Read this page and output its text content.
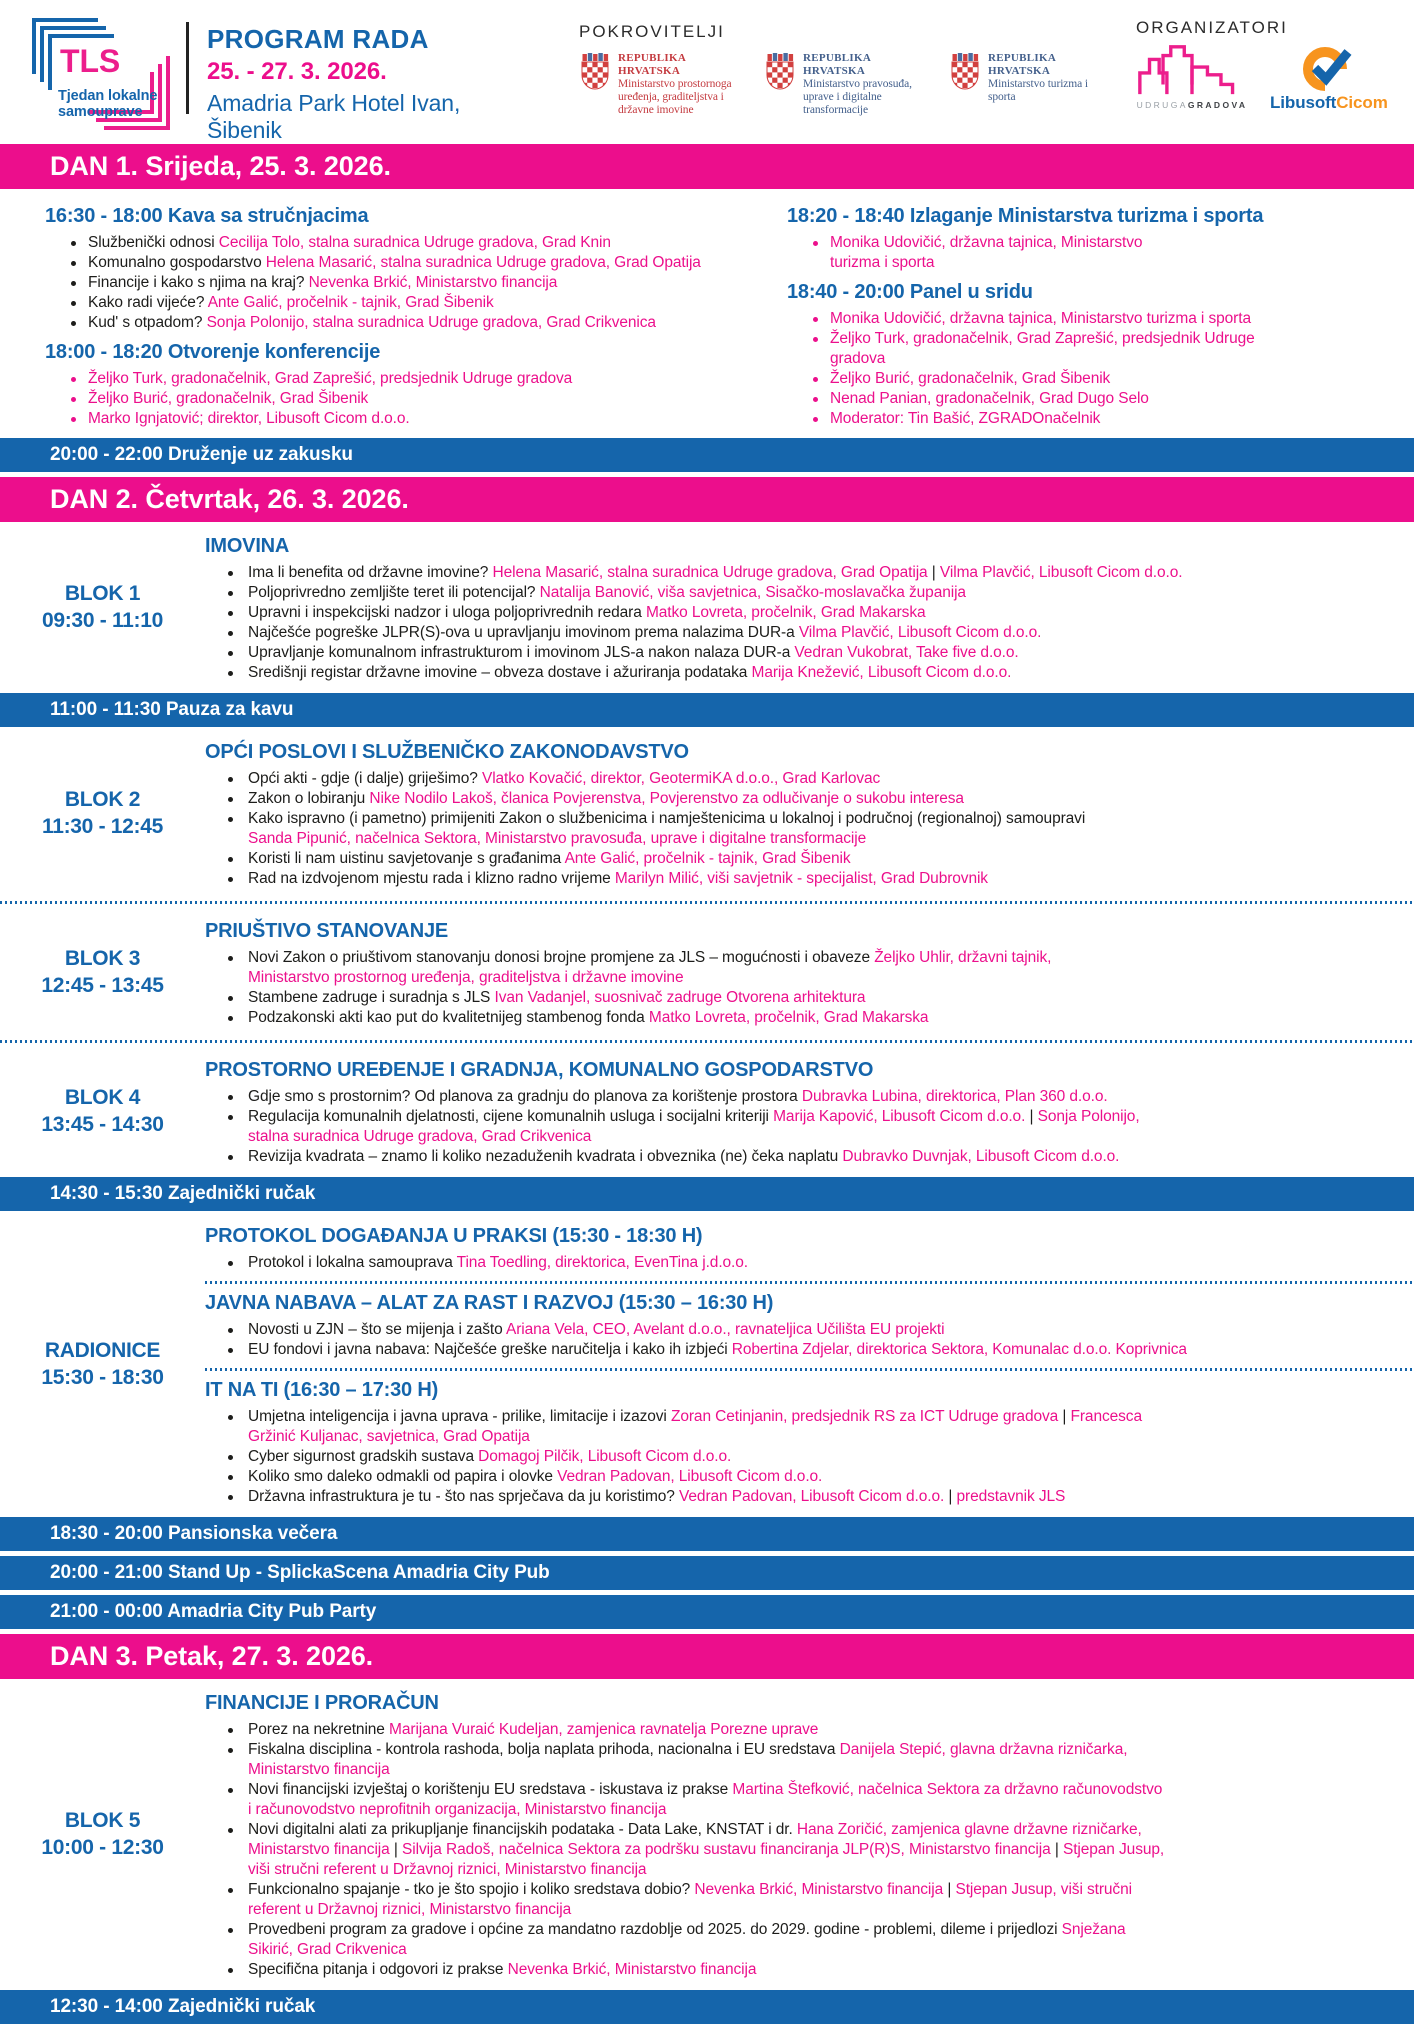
TLS
Tjedan lokalne
samouprave
PROGRAM RADA
25. - 27. 3. 2026.
Amadria Park Hotel Ivan, Šibenik
POKROVITELJI
REPUBLIKA HRVATSKA
Ministarstvo prostornoga uređenja, graditeljstva i državne imovine
REPUBLIKA HRVATSKA
Ministarstvo pravosuđa, uprave i digitalne transformacije
REPUBLIKA HRVATSKA
Ministarstvo turizma i sporta
ORGANIZATORI
UDRUGAGRADOVA LibusoftCicom
DAN 1. Srijeda, 25. 3. 2026.
16:30 - 18:00 Kava sa stručnjacima
Službenički odnosi Cecilija Tolo, stalna suradnica Udruge gradova, Grad Knin
Komunalno gospodarstvo Helena Masarić, stalna suradnica Udruge gradova, Grad Opatija
Financije i kako s njima na kraj? Nevenka Brkić, Ministarstvo financija
Kako radi vijeće? Ante Galić, pročelnik - tajnik, Grad Šibenik
Kud' s otpadom? Sonja Polonijo, stalna suradnica Udruge gradova, Grad Crikvenica
18:00 - 18:20 Otvorenje konferencije
Željko Turk, gradonačelnik, Grad Zaprešić, predsjednik Udruge gradova
Željko Burić, gradonačelnik, Grad Šibenik
Marko Ignjatović; direktor, Libusoft Cicom d.o.o.
18:20 - 18:40 Izlaganje Ministarstva turizma i sporta
Monika Udovičić, državna tajnica, Ministarstvo
turizma i sporta
18:40 - 20:00 Panel u sridu
Monika Udovičić, državna tajnica, Ministarstvo turizma i sporta
Željko Turk, gradonačelnik, Grad Zaprešić, predsjednik Udruge
gradova
Željko Burić, gradonačelnik, Grad Šibenik
Nenad Panian, gradonačelnik, Grad Dugo Selo
Moderator: Tin Bašić, ZGRADOnačelnik
20:00 - 22:00 Druženje uz zakusku
DAN 2. Četvrtak, 26. 3. 2026.
BLOK 1
09:30 - 11:10
IMOVINA
Ima li benefita od državne imovine? Helena Masarić, stalna suradnica Udruge gradova, Grad Opatija | Vilma Plavčić, Libusoft Cicom d.o.o.
Poljoprivredno zemljište teret ili potencijal? Natalija Banović, viša savjetnica, Sisačko-moslavačka županija
Upravni i inspekcijski nadzor i uloga poljoprivrednih redara Matko Lovreta, pročelnik, Grad Makarska
Najčešće pogreške JLPR(S)-ova u upravljanju imovinom prema nalazima DUR-a Vilma Plavčić, Libusoft Cicom d.o.o.
Upravljanje komunalnom infrastrukturom i imovinom JLS-a nakon nalaza DUR-a Vedran Vukobrat, Take five d.o.o.
Središnji registar državne imovine – obveza dostave i ažuriranja podataka Marija Knežević, Libusoft Cicom d.o.o.
11:00 - 11:30 Pauza za kavu
BLOK 2
11:30 - 12:45
OPĆI POSLOVI I SLUŽBENIČKO ZAKONODAVSTVO
Opći akti - gdje (i dalje) griješimo? Vlatko Kovačić, direktor, GeotermiKA d.o.o., Grad Karlovac
Zakon o lobiranju Nike Nodilo Lakoš, članica Povjerenstva, Povjerenstvo za odlučivanje o sukobu interesa
Kako ispravno (i pametno) primijeniti Zakon o službenicima i namještenicima u lokalnoj i područnoj (regionalnoj) samoupravi
Sanda Pipunić, načelnica Sektora, Ministarstvo pravosuđa, uprave i digitalne transformacije
Koristi li nam uistinu savjetovanje s građanima Ante Galić, pročelnik - tajnik, Grad Šibenik
Rad na izdvojenom mjestu rada i klizno radno vrijeme Marilyn Milić, viši savjetnik - specijalist, Grad Dubrovnik
BLOK 3
12:45 - 13:45
PRIUŠTIVO STANOVANJE
Novi Zakon o priuštivom stanovanju donosi brojne promjene za JLS – mogućnosti i obaveze Željko Uhlir, državni tajnik,
Ministarstvo prostornog uređenja, graditeljstva i državne imovine
Stambene zadruge i suradnja s JLS Ivan Vadanjel, suosnivač zadruge Otvorena arhitektura
Podzakonski akti kao put do kvalitetnijeg stambenog fonda Matko Lovreta, pročelnik, Grad Makarska
BLOK 4
13:45 - 14:30
PROSTORNO UREĐENJE I GRADNJA, KOMUNALNO GOSPODARSTVO
Gdje smo s prostornim? Od planova za gradnju do planova za korištenje prostora Dubravka Lubina, direktorica, Plan 360 d.o.o.
Regulacija komunalnih djelatnosti, cijene komunalnih usluga i socijalni kriteriji Marija Kapović, Libusoft Cicom d.o.o. | Sonja Polonijo,
stalna suradnica Udruge gradova, Grad Crikvenica
Revizija kvadrata – znamo li koliko nezaduženih kvadrata i obveznika (ne) čeka naplatu Dubravko Duvnjak, Libusoft Cicom d.o.o.
14:30 - 15:30 Zajednički ručak
RADIONICE
15:30 - 18:30
PROTOKOL DOGAĐANJA U PRAKSI (15:30 - 18:30 H)
Protokol i lokalna samouprava Tina Toedling, direktorica, EvenTina j.d.o.o.
JAVNA NABAVA – ALAT ZA RAST I RAZVOJ (15:30 – 16:30 H)
Novosti u ZJN – što se mijenja i zašto Ariana Vela, CEO, Avelant d.o.o., ravnateljica Učilišta EU projekti
EU fondovi i javna nabava: Najčešće greške naručitelja i kako ih izbjeći Robertina Zdjelar, direktorica Sektora, Komunalac d.o.o. Koprivnica
IT NA TI (16:30 – 17:30 H)
Umjetna inteligencija i javna uprava - prilike, limitacije i izazovi Zoran Cetinjanin, predsjednik RS za ICT Udruge gradova | Francesca
Gržinić Kuljanac, savjetnica, Grad Opatija
Cyber sigurnost gradskih sustava Domagoj Pilčik, Libusoft Cicom d.o.o.
Koliko smo daleko odmakli od papira i olovke Vedran Padovan, Libusoft Cicom d.o.o.
Državna infrastruktura je tu - što nas sprječava da ju koristimo? Vedran Padovan, Libusoft Cicom d.o.o. | predstavnik JLS
18:30 - 20:00 Pansionska večera
20:00 - 21:00 Stand Up - SplickaScena Amadria City Pub
21:00 - 00:00 Amadria City Pub Party
DAN 3. Petak, 27. 3. 2026.
BLOK 5
10:00 - 12:30
FINANCIJE I PRORAČUN
Porez na nekretnine Marijana Vuraić Kudeljan, zamjenica ravnatelja Porezne uprave
Fiskalna disciplina - kontrola rashoda, bolja naplata prihoda, nacionalna i EU sredstava Danijela Stepić, glavna državna rizničarka,
Ministarstvo financija
Novi financijski izvještaj o korištenju EU sredstava - iskustava iz prakse Martina Štefković, načelnica Sektora za državno računovodstvo
i računovodstvo neprofitnih organizacija, Ministarstvo financija
Novi digitalni alati za prikupljanje financijskih podataka - Data Lake, KNSTAT i dr. Hana Zoričić, zamjenica glavne državne rizničarke,
Ministarstvo financija | Silvija Radoš, načelnica Sektora za podršku sustavu financiranja JLP(R)S, Ministarstvo financija | Stjepan Jusup,
viši stručni referent u Državnoj riznici, Ministarstvo financija
Funkcionalno spajanje - tko je što spojio i koliko sredstava dobio? Nevenka Brkić, Ministarstvo financija | Stjepan Jusup, viši stručni
referent u Državnoj riznici, Ministarstvo financija
Provedbeni program za gradove i općine za mandatno razdoblje od 2025. do 2029. godine - problemi, dileme i prijedlozi Snježana
Sikirić, Grad Crikvenica
Specifična pitanja i odgovori iz prakse Nevenka Brkić, Ministarstvo financija
12:30 - 14:00 Zajednički ručak
